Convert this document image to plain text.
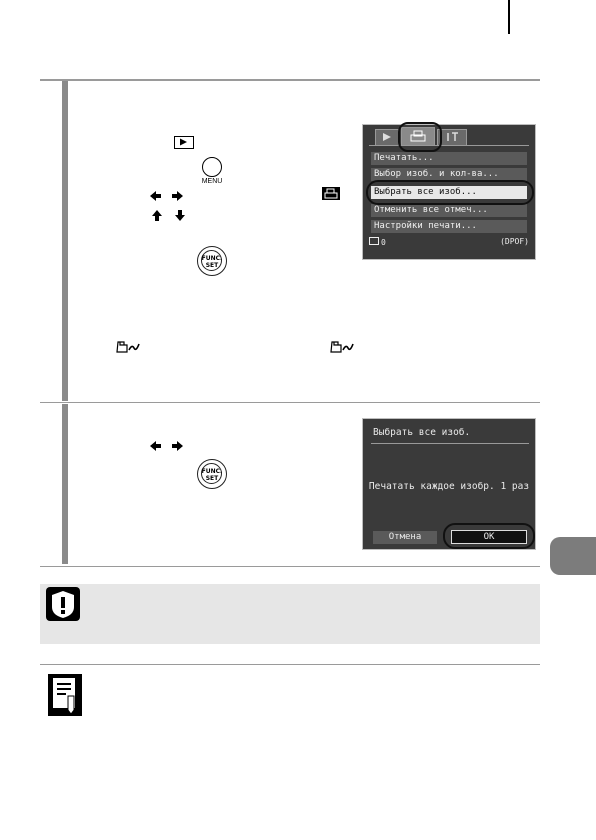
MENU
FUNC.
SET
Печатать...
Выбор изоб. и кол-ва...
Выбрать все изоб...
Отменить все отмеч...
Настройки печати...
0	(DPOF)
FUNC.
SET
Выбрать все изоб.
Печатать каждое изобр. 1 раз
Отмена	OK
